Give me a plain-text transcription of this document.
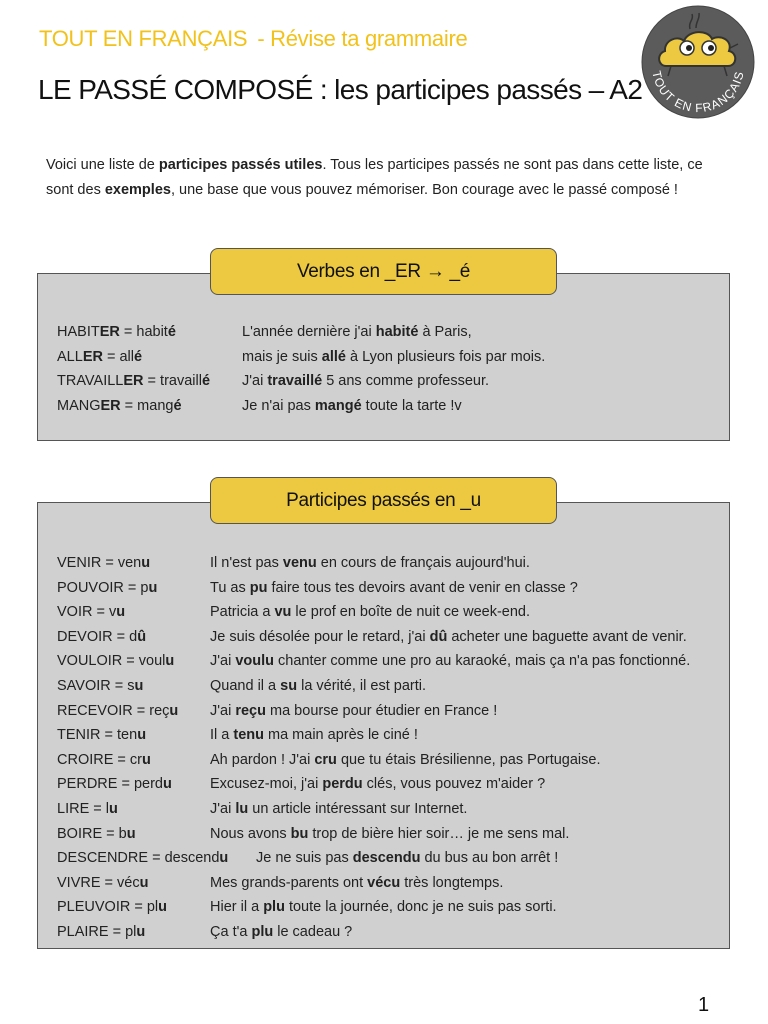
TOUT EN FRANÇAIS - Révise ta grammaire
LE PASSÉ COMPOSÉ : les participes passés – A2 TOUT EN FRANÇAIS

Voici une liste de participes passés utiles. Tous les participes passés ne sont pas dans cette liste, ce sont des exemples, une base que vous pouvez mémoriser. Bon courage avec le passé composé !

Verbes en _ER → _é
HABITER = habité	L'année dernière j'ai habité à Paris,
ALLER = allé	mais je suis allé à Lyon plusieurs fois par mois.
TRAVAILLER = travaillé J'ai travaillé 5 ans comme professeur.
MANGER = mangé	Je n'ai pas mangé toute la tarte !v
Participes passés en _u
VENIR = venu	Il n'est pas venu en cours de français aujourd'hui.
POUVOIR = pu	Tu as pu faire tous tes devoirs avant de venir en classe ?
VOIR = vu	Patricia a vu le prof en boîte de nuit ce week-end.
DEVOIR = dû	Je suis désolée pour le retard, j'ai dû acheter une baguette avant de venir.
VOULOIR = voulu J'ai voulu chanter comme une pro au karaoké, mais ça n'a pas fonctionné.
SAVOIR = su	Quand il a su la vérité, il est parti.
RECEVOIR = reçu J'ai reçu ma bourse pour étudier en France !
TENIR = tenu	Il a tenu ma main après le ciné !
CROIRE = cru	Ah pardon ! J'ai cru que tu étais Brésilienne, pas Portugaise.
PERDRE = perdu	Excusez-moi, j'ai perdu clés, vous pouvez m'aider ?
LIRE = lu	J'ai lu un article intéressant sur Internet.
BOIRE = bu	Nous avons bu trop de bière hier soir… je me sens mal.
DESCENDRE = descendu Je ne suis pas descendu du bus au bon arrêt !
VIVRE = vécu	Mes grands-parents ont vécu très longtemps.
PLEUVOIR = plu	Hier il a plu toute la journée, donc je ne suis pas sorti.
PLAIRE = plu	Ça t'a plu le cadeau ?
1
